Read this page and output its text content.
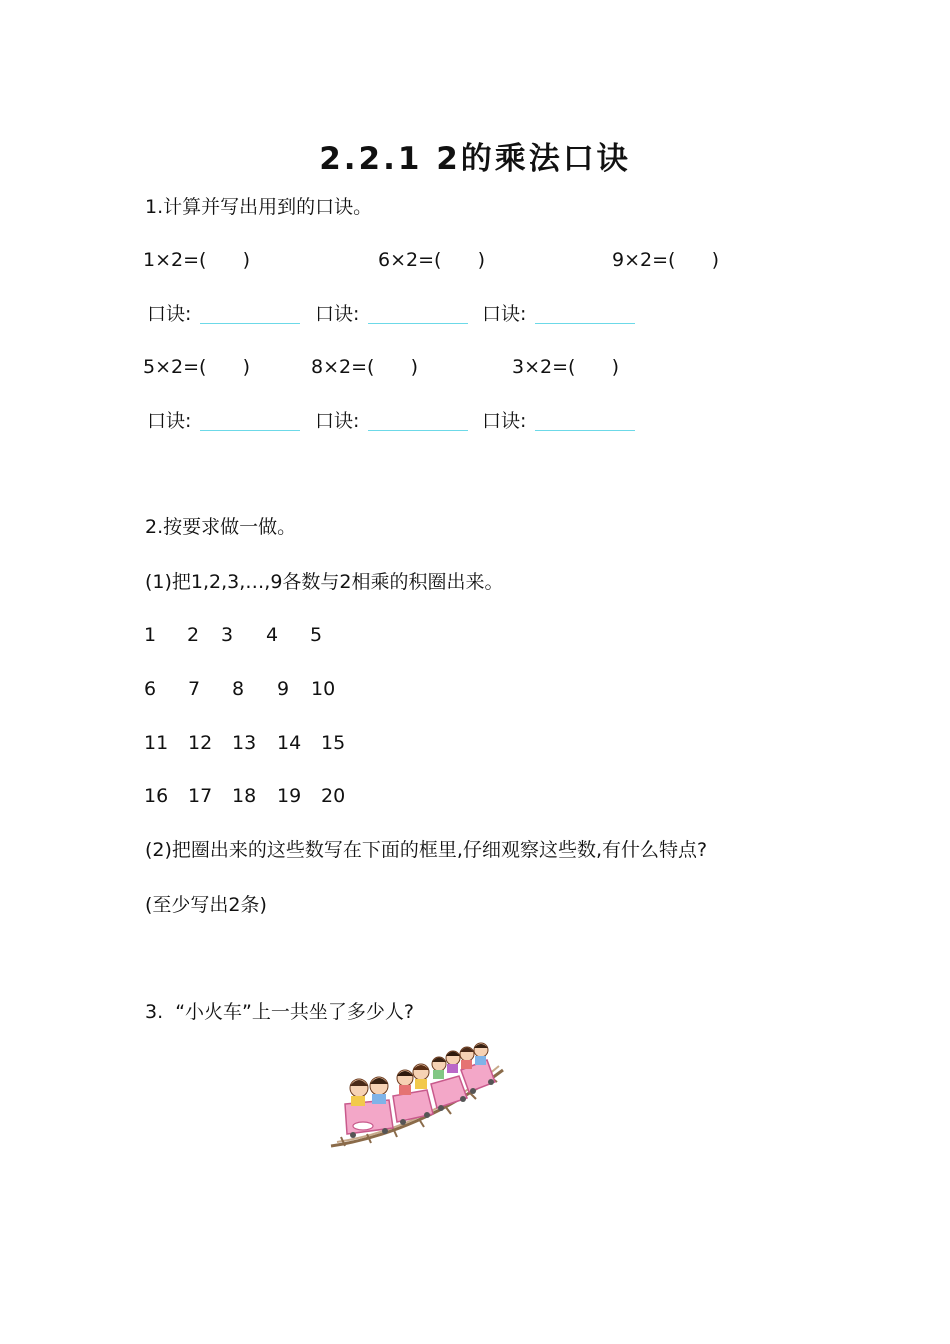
2.2.1 2的乘法口诀
1.计算并写出用到的口诀。
1×2=(      )	6×2=(      )	9×2=(      )
口诀:	口诀:	口诀:
5×2=(      )	8×2=(      )	3×2=(      )
口诀:	口诀:	口诀:
2.按要求做一做。
(1)把1,2,3,…,9各数与2相乘的积圈出来。
1 2 3 4 5
6 7 8 9 10
11 12 13 14 15
16 17 18 19 20
(2)把圈出来的这些数写在下面的框里,仔细观察这些数,有什么特点?
(至少写出2条)
3.  “小火车”上一共坐了多少人?
